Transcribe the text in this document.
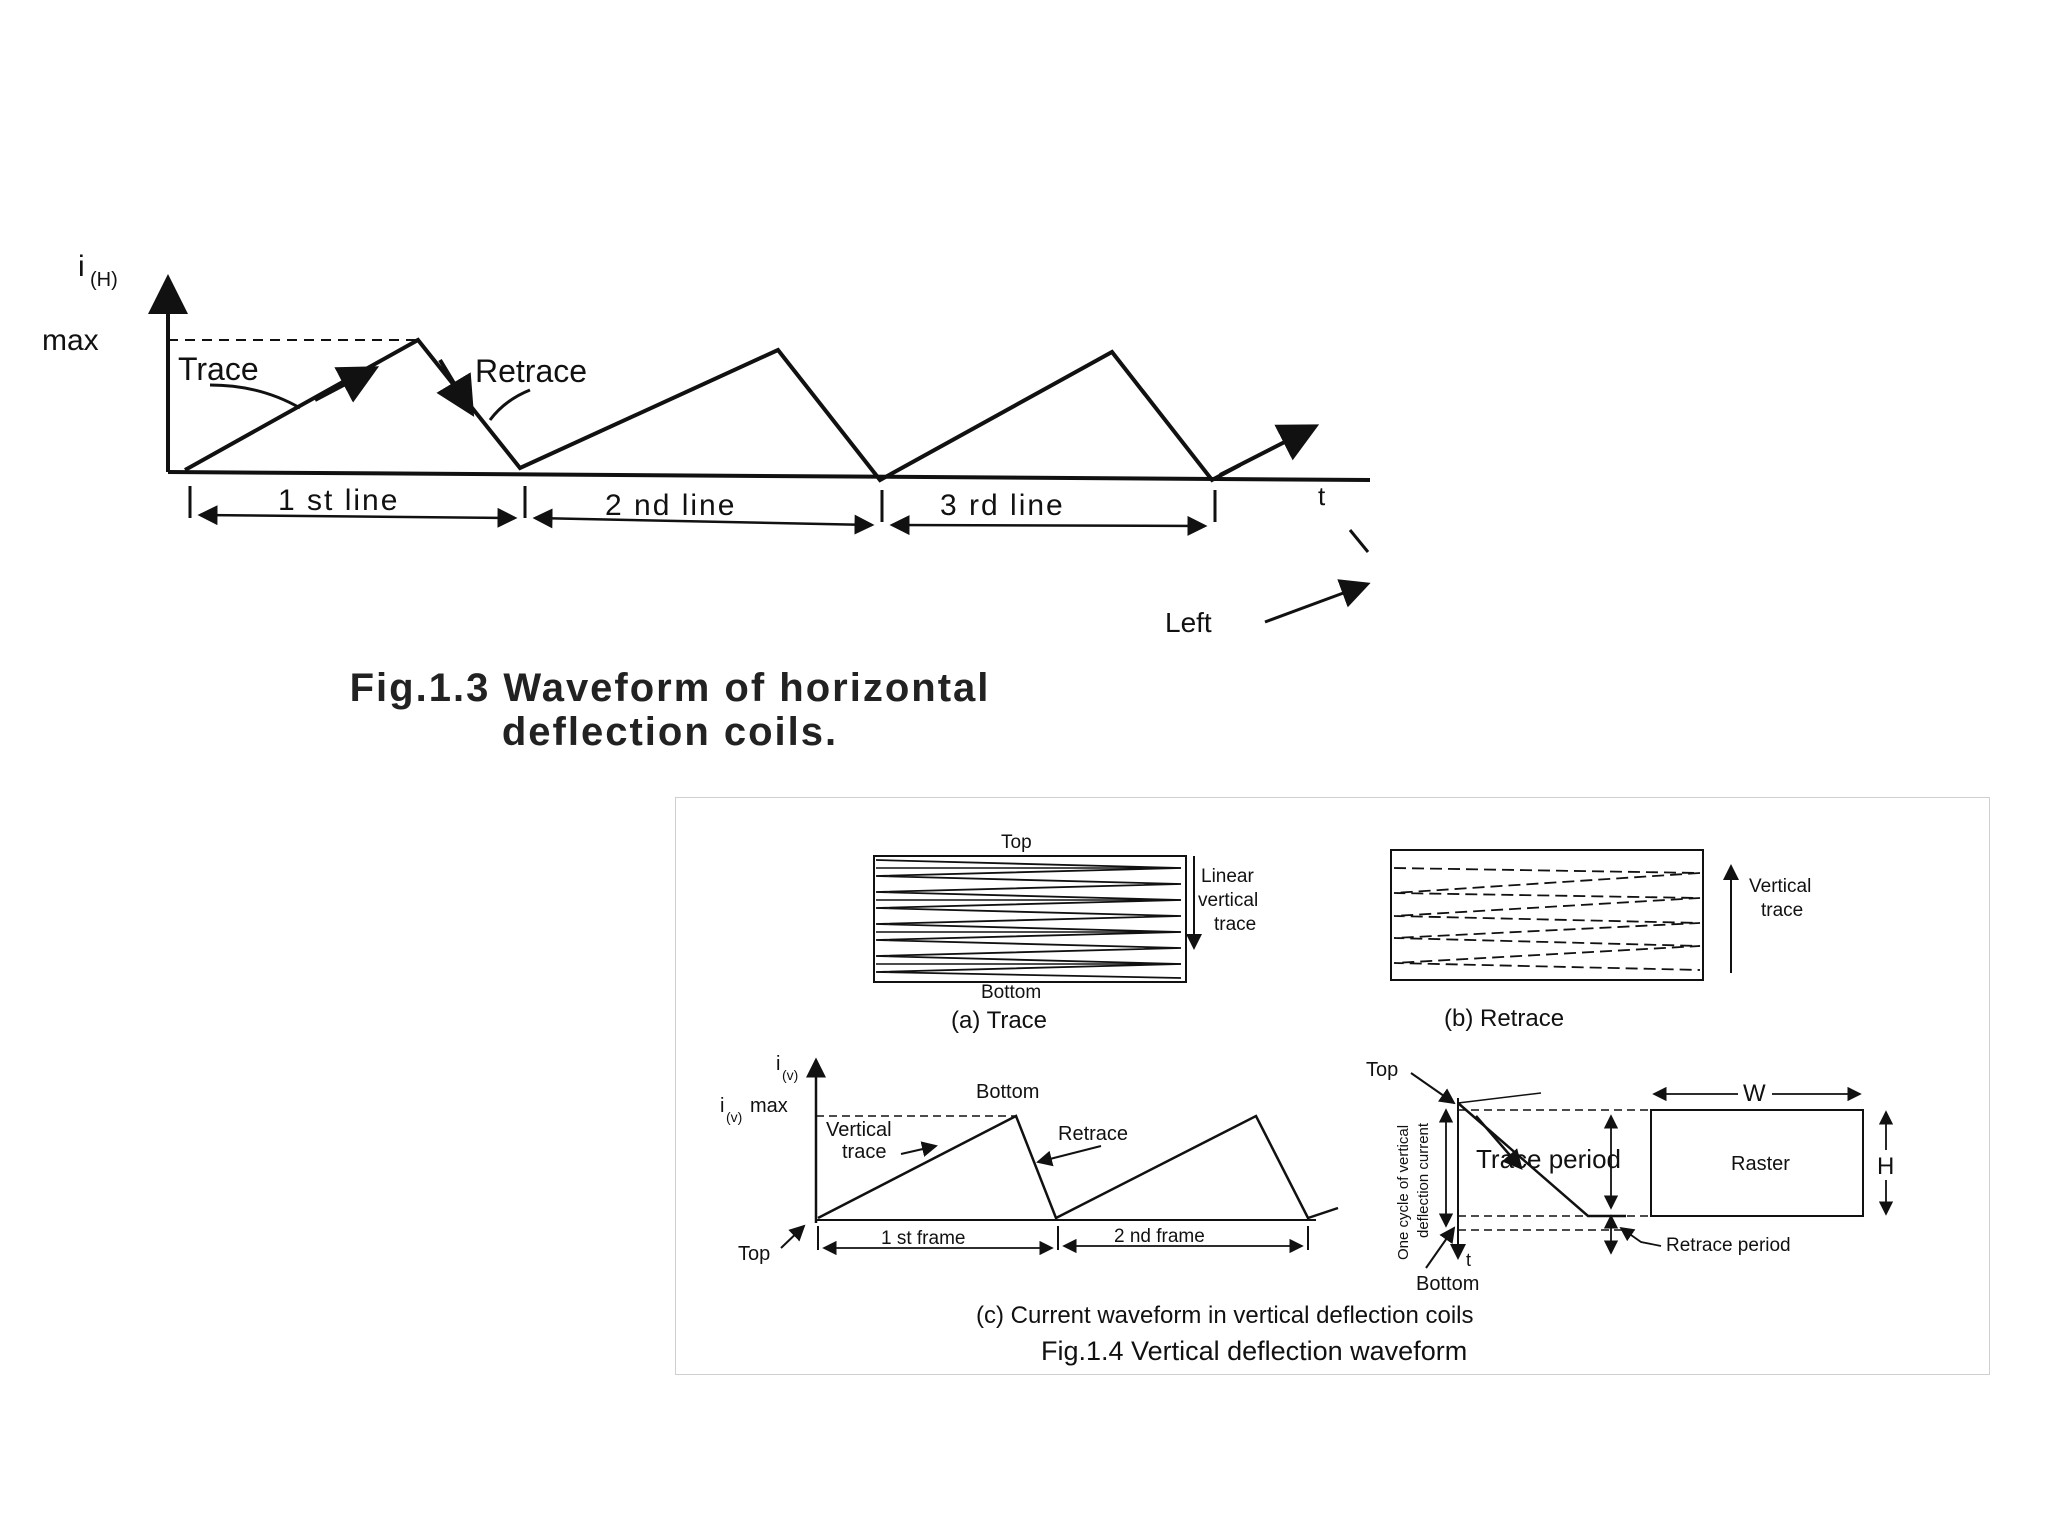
i (H)
max
t
Trace	Retrace
1 st line	2 nd line	3 rd line
Left
Fig.1.3 Waveform of horizontal
deflection coils.
Top
Bottom
Linear
vertical
trace
(a) Trace
Vertical
trace
(b) Retrace
i (v)
i (v) max
Bottom
Vertical
trace
Retrace
Top
1 st frame	2 nd frame
Top
t
One cycle of vertical deflection current
Bottom
Trace period
Retrace period
Raster
W
H
(c) Current waveform in vertical deflection coils
Fig.1.4 Vertical deflection waveform
